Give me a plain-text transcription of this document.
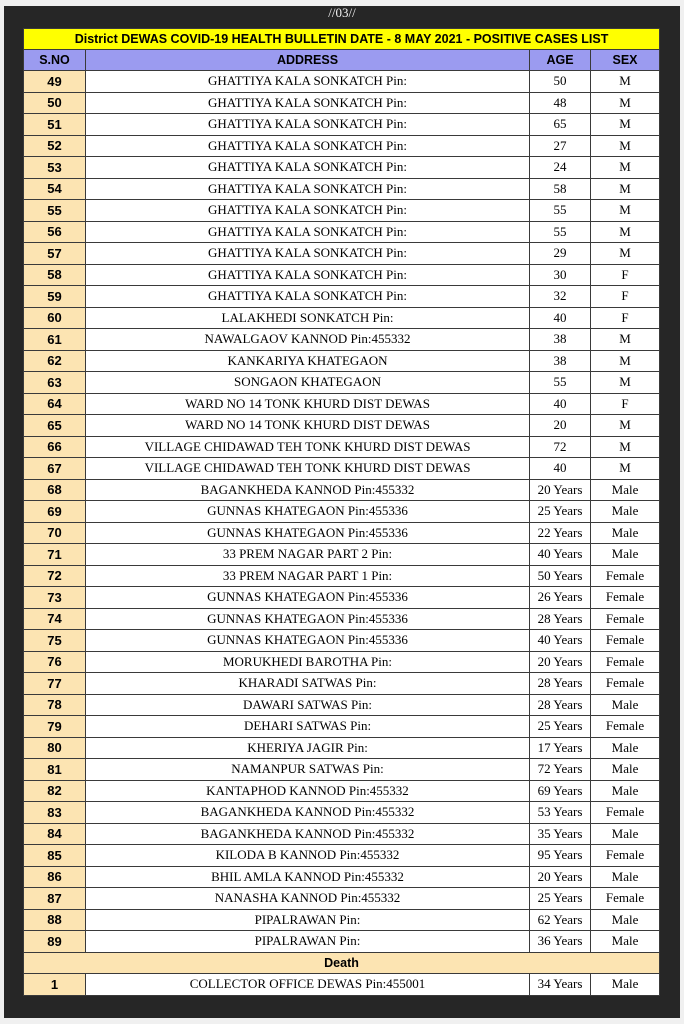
//03//
District DEWAS COVID-19 HEALTH BULLETIN DATE - 8 MAY 2021 - POSITIVE CASES LIST			
S.NO	ADDRESS	AGE	SEX
49	GHATTIYA KALA SONKATCH Pin:	50	M
50	GHATTIYA KALA SONKATCH Pin:	48	M
51	GHATTIYA KALA SONKATCH Pin:	65	M
52	GHATTIYA KALA SONKATCH Pin:	27	M
53	GHATTIYA KALA SONKATCH Pin:	24	M
54	GHATTIYA KALA SONKATCH Pin:	58	M
55	GHATTIYA KALA SONKATCH Pin:	55	M
56	GHATTIYA KALA SONKATCH Pin:	55	M
57	GHATTIYA KALA SONKATCH Pin:	29	M
58	GHATTIYA KALA SONKATCH Pin:	30	F
59	GHATTIYA KALA SONKATCH Pin:	32	F
60	LALAKHEDI SONKATCH Pin:	40	F
61	NAWALGAOV KANNOD Pin:455332	38	M
62	KANKARIYA KHATEGAON	38	M
63	SONGAON KHATEGAON	55	M
64	WARD NO 14 TONK KHURD DIST DEWAS	40	F
65	WARD NO 14 TONK KHURD DIST DEWAS	20	M
66	VILLAGE CHIDAWAD TEH TONK KHURD DIST DEWAS	72	M
67	VILLAGE CHIDAWAD TEH TONK KHURD DIST DEWAS	40	M
68	BAGANKHEDA KANNOD Pin:455332	20 Years	Male
69	GUNNAS KHATEGAON Pin:455336	25 Years	Male
70	GUNNAS KHATEGAON Pin:455336	22 Years	Male
71	33 PREM NAGAR PART 2 Pin:	40 Years	Male
72	33 PREM NAGAR PART 1 Pin:	50 Years	Female
73	GUNNAS KHATEGAON Pin:455336	26 Years	Female
74	GUNNAS KHATEGAON Pin:455336	28 Years	Female
75	GUNNAS KHATEGAON Pin:455336	40 Years	Female
76	MORUKHEDI BAROTHA Pin:	20 Years	Female
77	KHARADI SATWAS Pin:	28 Years	Female
78	DAWARI SATWAS Pin:	28 Years	Male
79	DEHARI SATWAS Pin:	25 Years	Female
80	KHERIYA JAGIR Pin:	17 Years	Male
81	NAMANPUR SATWAS Pin:	72 Years	Male
82	KANTAPHOD KANNOD Pin:455332	69 Years	Male
83	BAGANKHEDA KANNOD Pin:455332	53 Years	Female
84	BAGANKHEDA KANNOD Pin:455332	35 Years	Male
85	KILODA B KANNOD Pin:455332	95 Years	Female
86	BHIL AMLA KANNOD Pin:455332	20 Years	Male
87	NANASHA KANNOD Pin:455332	25 Years	Female
88	PIPALRAWAN Pin:	62 Years	Male
89	PIPALRAWAN Pin:	36 Years	Male
Death			
1	COLLECTOR OFFICE DEWAS Pin:455001	34 Years	Male
